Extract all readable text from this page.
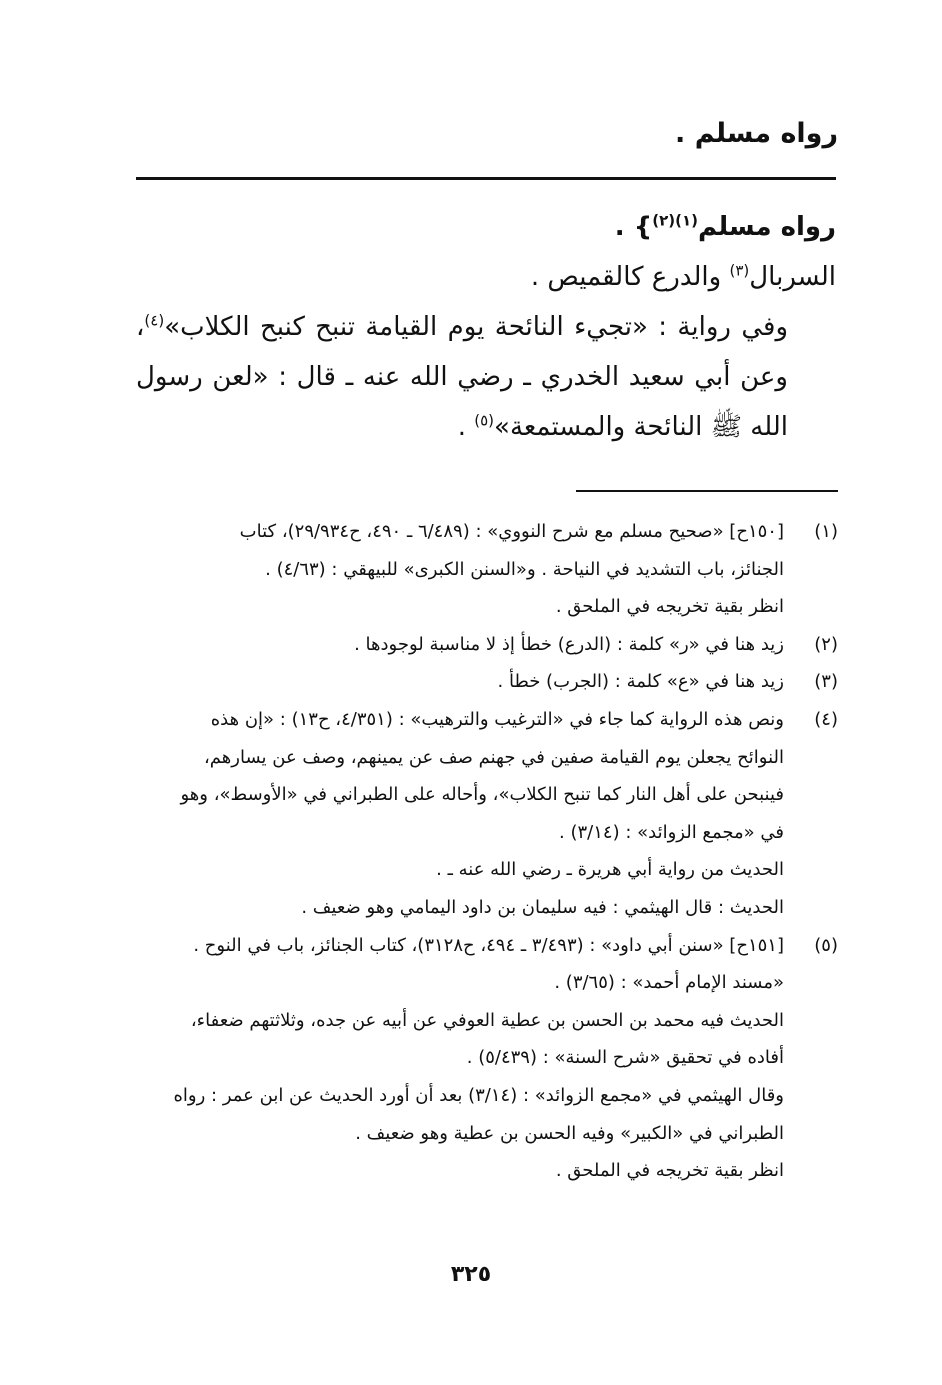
رواه مسلم .

رواه مسلم$^{(١)(٢)}$} .

السربال$^{(٣)}$ والدرع كالقميص .

وفي رواية : «تجيء النائحة يوم القيامة تنبح كنبح الكلاب»$^{(٤)}$، وعن أبي سعيد الخدري ـ رضي الله عنه ـ قال : «لعن رسول الله ﷺ النائحة والمستمعة»$^{(٥)}$ .

(١)
[١٥٠ح] «صحيح مسلم مع شرح النووي» : (٦/٤٨٩ ـ ٤٩٠، ح٢٩/٩٣٤)، كتاب
الجنائز، باب التشديد في النياحة . و«السنن الكبرى» للبيهقي : (٤/٦٣) .
انظر بقية تخريجه في الملحق .
(٢)
زيد هنا في «ر» كلمة : (الدرع) خطأ إذ لا مناسبة لوجودها .
(٣)
زيد هنا في «ع» كلمة : (الجرب) خطأ .
(٤)
ونص هذه الرواية كما جاء في «الترغيب والترهيب» : (٤/٣٥١، ح١٣) : «إن هذه
النوائح يجعلن يوم القيامة صفين في جهنم صف عن يمينهم، وصف عن يسارهم،
فينبحن على أهل النار كما تنبح الكلاب»، وأحاله على الطبراني في «الأوسط»، وهو
في «مجمع الزوائد» : (٣/١٤) .
الحديث من رواية أبي هريرة ـ رضي الله عنه ـ .
الحديث : قال الهيثمي : فيه سليمان بن داود اليمامي وهو ضعيف .
(٥)
[١٥١ح] «سنن أبي داود» : (٣/٤٩٣ ـ ٤٩٤، ح٣١٢٨)، كتاب الجنائز، باب في النوح .
«مسند الإمام أحمد» : (٣/٦٥) .
الحديث فيه محمد بن الحسن بن عطية العوفي عن أبيه عن جده، وثلاثتهم ضعفاء،
أفاده في تحقيق «شرح السنة» : (٥/٤٣٩) .
وقال الهيثمي في «مجمع الزوائد» : (٣/١٤) بعد أن أورد الحديث عن ابن عمر : رواه
الطبراني في «الكبير» وفيه الحسن بن عطية وهو ضعيف .
انظر بقية تخريجه في الملحق .
٣٢٥
